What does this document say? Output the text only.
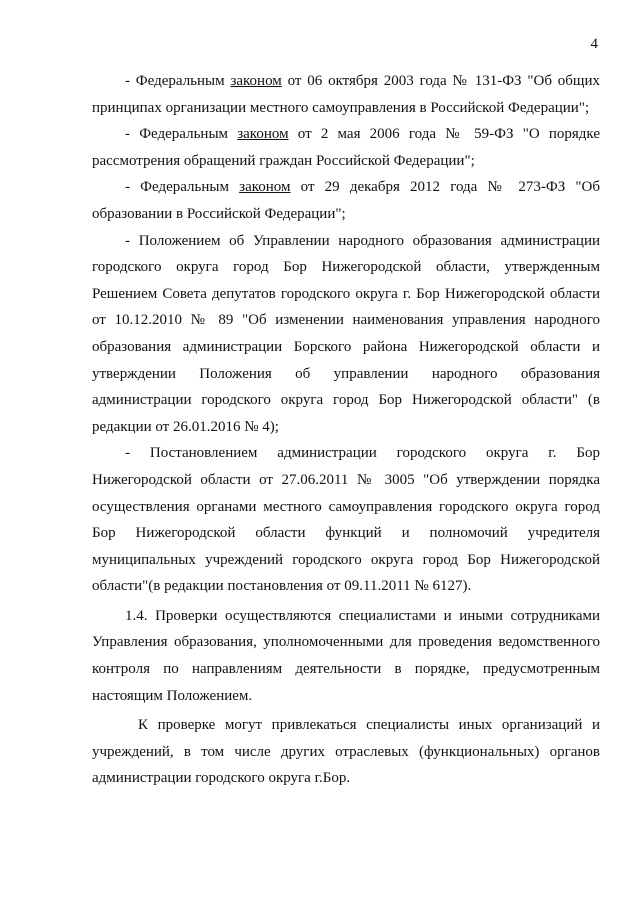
4

- Федеральным законом от 06 октября 2003 года № 131-ФЗ "Об общих принципах организации местного самоуправления в Российской Федерации";

- Федеральным законом от 2 мая 2006 года № 59-ФЗ "О порядке рассмотрения обращений граждан Российской Федерации";

- Федеральным законом от 29 декабря 2012 года № 273-ФЗ "Об образовании в Российской Федерации";

- Положением об Управлении народного образования администрации городского округа город Бор Нижегородской области, утвержденным Решением Совета депутатов городского округа г. Бор Нижегородской области от 10.12.2010 № 89 "Об изменении наименования управления народного образования администрации Борского района Нижегородской области и утверждении Положения об управлении народного образования администрации городского округа город Бор Нижегородской области" (в редакции от 26.01.2016 № 4);

- Постановлением администрации городского округа г. Бор Нижегородской области от 27.06.2011 № 3005 "Об утверждении порядка осуществления органами местного самоуправления городского округа город Бор Нижегородской области функций и полномочий учредителя муниципальных учреждений городского округа город Бор Нижегородской области"(в редакции постановления от 09.11.2011 № 6127).

1.4. Проверки осуществляются специалистами и иными сотрудниками Управления образования, уполномоченными для проведения ведомственного контроля по направлениям деятельности в порядке, предусмотренным настоящим Положением.

К проверке могут привлекаться специалисты иных организаций и учреждений, в том числе других отраслевых (функциональных) органов администрации городского округа г.Бор.
